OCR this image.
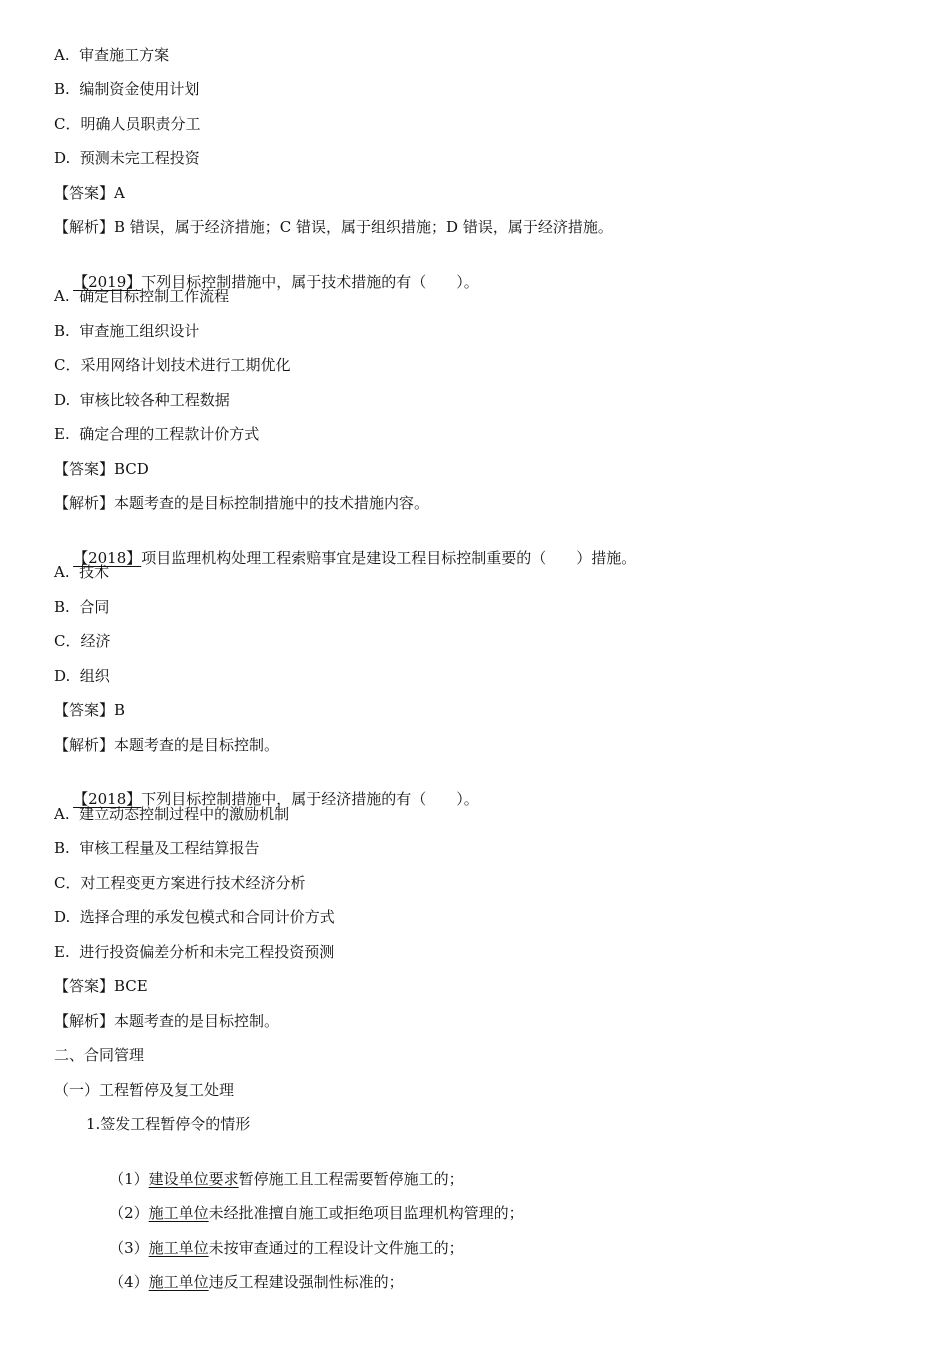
A.  审查施工方案
B.  编制资金使用计划
C．明确人员职责分工
D.  预测未完工程投资
【答案】A
【解析】B 错误，属于经济措施；C 错误，属于组织措施；D 错误，属于经济措施。

【2019】下列目标控制措施中，属于技术措施的有（　　）。

A.  确定目标控制工作流程
B.  审查施工组织设计
C．采用网络计划技术进行工期优化
D.  审核比较各种工程数据
E.  确定合理的工程款计价方式
【答案】BCD
【解析】本题考查的是目标控制措施中的技术措施内容。

【2018】项目监理机构处理工程索赔事宜是建设工程目标控制重要的（　　）措施。

A.  技术
B.  合同
C．经济
D.  组织
【答案】B
【解析】本题考查的是目标控制。

【2018】下列目标控制措施中，属于经济措施的有（　　）。

A.  建立动态控制过程中的激励机制
B.  审核工程量及工程结算报告
C．对工程变更方案进行技术经济分析
D.  选择合理的承发包模式和合同计价方式
E.  进行投资偏差分析和未完工程投资预测
【答案】BCE
【解析】本题考查的是目标控制。
二、合同管理
（一）工程暂停及复工处理
1.签发工程暂停令的情形

（1）建设单位要求暂停施工且工程需要暂停施工的；

（2）施工单位未经批准擅自施工或拒绝项目监理机构管理的；

（3）施工单位未按审查通过的工程设计文件施工的；

（4）施工单位违反工程建设强制性标准的；
